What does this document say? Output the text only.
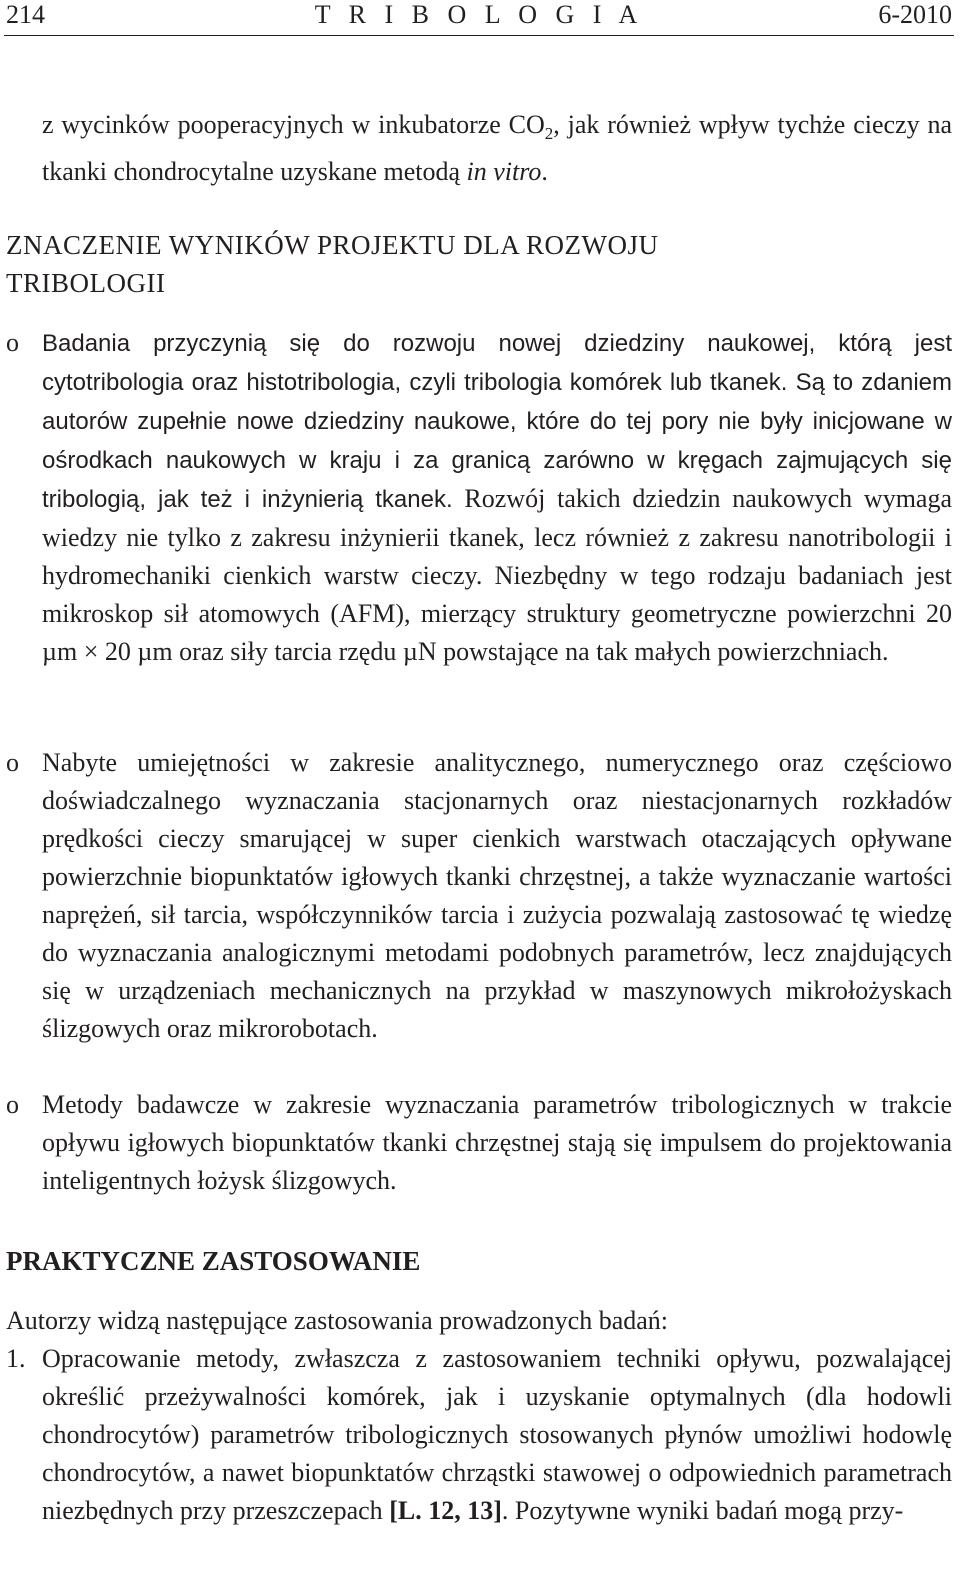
214	T R I B O L O G I A	6-2010
z wycinków pooperacyjnych w inkubatorze $CO_2$, jak również wpływ tychże cieczy na tkanki chondrocytalne uzyskane metodą in vitro.
ZNACZENIE WYNIKÓW PROJEKTU DLA ROZWOJU
TRIBOLOGII
o Badania przyczynią się do rozwoju nowej dziedziny naukowej, którą jest cytotribologia oraz histotribologia, czyli tribologia komórek lub tkanek. Są to zdaniem autorów zupełnie nowe dziedziny naukowe, które do tej pory nie były inicjowane w ośrodkach naukowych w kraju i za granicą zarówno w kręgach zajmujących się tribologią, jak też i inżynierią tkanek. Rozwój takich dziedzin naukowych wymaga wiedzy nie tylko z zakresu inżynierii tkanek, lecz również z zakresu nanotribologii i hydromechaniki cienkich warstw cieczy. Niezbędny w tego rodzaju badaniach jest mikroskop sił atomowych (AFM), mierzący struktury geometryczne powierzchni 20 µm × 20 µm oraz siły tarcia rzędu µN powstające na tak małych powierzchniach.
o Nabyte umiejętności w zakresie analitycznego, numerycznego oraz częściowo doświadczalnego wyznaczania stacjonarnych oraz niestacjonarnych rozkładów prędkości cieczy smarującej w super cienkich warstwach otaczających opływane powierzchnie biopunktatów igłowych tkanki chrzęstnej, a także wyznaczanie wartości naprężeń, sił tarcia, współczynników tarcia i zużycia pozwalają zastosować tę wiedzę do wyznaczania analogicznymi metodami podobnych parametrów, lecz znajdujących się w urządzeniach mechanicznych na przykład w maszynowych mikrołożyskach ślizgowych oraz mikrorobotach.
o Metody badawcze w zakresie wyznaczania parametrów tribologicznych w trakcie opływu igłowych biopunktatów tkanki chrzęstnej stają się impulsem do projektowania inteligentnych łożysk ślizgowych.
PRAKTYCZNE ZASTOSOWANIE
Autorzy widzą następujące zastosowania prowadzonych badań:
1. Opracowanie metody, zwłaszcza z zastosowaniem techniki opływu, pozwalającej określić przeżywalności komórek, jak i uzyskanie optymalnych (dla hodowli chondrocytów) parametrów tribologicznych stosowanych płynów umożliwi hodowlę chondrocytów, a nawet biopunktatów chrząstki stawowej o odpowiednich parametrach niezbędnych przy przeszczepach [L. 12, 13]. Pozytywne wyniki badań mogą przy-
